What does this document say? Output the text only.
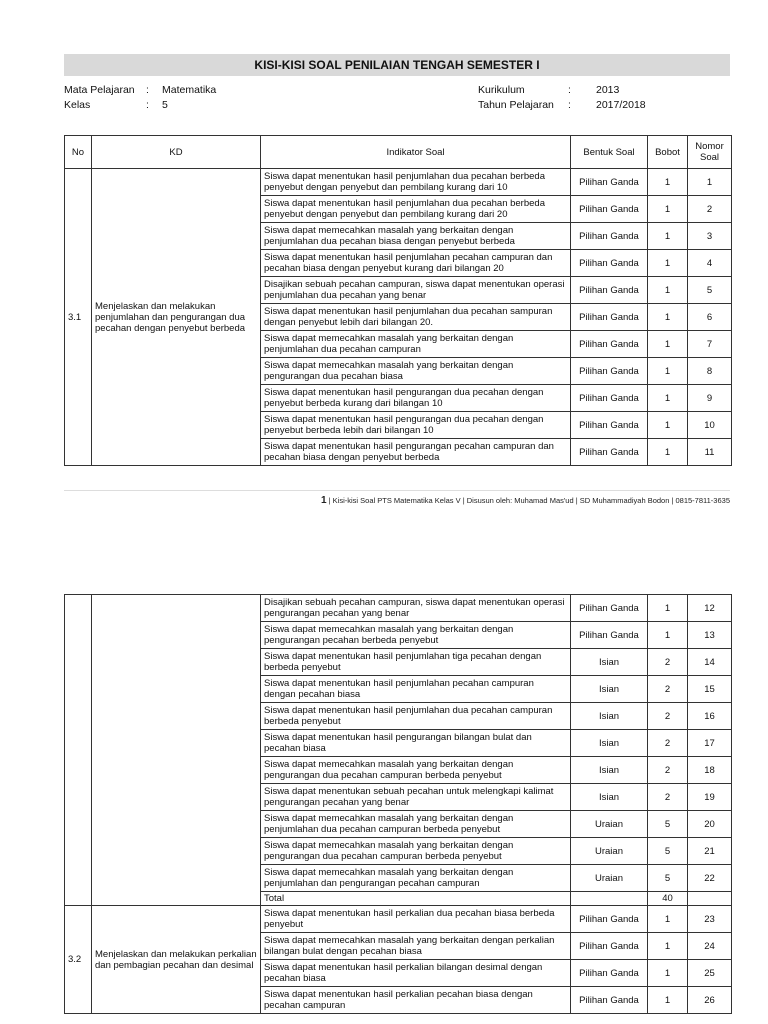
KISI-KISI SOAL PENILAIAN TENGAH SEMESTER I
Mata Pelajaran : Matematika
Kelas	: 5
Kurikulum	: 2013
Tahun Pelajaran : 2017/2018
No	KD	Indikator Soal	Bentuk Soal	Bobot	Nomor Soal
3.1	Menjelaskan dan melakukan penjumlahan dan pengurangan dua pecahan dengan penyebut berbeda	Siswa dapat menentukan hasil penjumlahan dua pecahan berbeda penyebut dengan penyebut dan pembilang kurang dari 10	Pilihan Ganda	1	1
		Siswa dapat menentukan hasil penjumlahan dua pecahan berbeda penyebut dengan penyebut dan pembilang kurang dari 20	Pilihan Ganda	1	2
		Siswa dapat memecahkan masalah yang berkaitan dengan penjumlahan dua pecahan biasa dengan penyebut berbeda	Pilihan Ganda	1	3
		Siswa dapat menentukan hasil penjumlahan pecahan campuran dan pecahan biasa dengan penyebut kurang dari bilangan 20	Pilihan Ganda	1	4
		Disajikan sebuah pecahan campuran, siswa dapat menentukan operasi penjumlahan dua pecahan yang benar	Pilihan Ganda	1	5
		Siswa dapat menentukan hasil penjumlahan dua pecahan sampuran dengan penyebut lebih dari bilangan 20.	Pilihan Ganda	1	6
		Siswa dapat memecahkan masalah yang berkaitan dengan penjumlahan dua pecahan campuran	Pilihan Ganda	1	7
		Siswa dapat memecahkan masalah yang berkaitan dengan pengurangan dua pecahan biasa	Pilihan Ganda	1	8
		Siswa dapat menentukan hasil pengurangan dua pecahan dengan penyebut berbeda kurang dari bilangan 10	Pilihan Ganda	1	9
		Siswa dapat menentukan hasil pengurangan dua pecahan dengan penyebut berbeda lebih dari bilangan 10	Pilihan Ganda	1	10
		Siswa dapat menentukan hasil pengurangan pecahan campuran dan pecahan biasa dengan penyebut berbeda	Pilihan Ganda	1	11
1 | Kisi-kisi Soal PTS Matematika Kelas V | Disusun oleh: Muhamad Mas'ud | SD Muhammadiyah Bodon | 0815-7811-3635
		Disajikan sebuah pecahan campuran, siswa dapat menentukan operasi pengurangan pecahan yang benar	Pilihan Ganda	1	12
		Siswa dapat memecahkan masalah yang berkaitan dengan pengurangan pecahan berbeda penyebut	Pilihan Ganda	1	13
		Siswa dapat menentukan hasil penjumlahan tiga pecahan dengan berbeda penyebut	Isian	2	14
		Siswa dapat menentukan hasil penjumlahan pecahan campuran dengan pecahan biasa	Isian	2	15
		Siswa dapat menentukan hasil penjumlahan dua pecahan campuran berbeda penyebut	Isian	2	16
		Siswa dapat menentukan hasil pengurangan bilangan bulat dan pecahan biasa	Isian	2	17
		Siswa dapat memecahkan masalah yang berkaitan dengan pengurangan dua pecahan campuran berbeda penyebut	Isian	2	18
		Siswa dapat menentukan sebuah pecahan untuk melengkapi kalimat pengurangan pecahan yang benar	Isian	2	19
		Siswa dapat memecahkan masalah yang berkaitan dengan penjumlahan dua pecahan campuran berbeda penyebut	Uraian	5	20
		Siswa dapat memecahkan masalah yang berkaitan dengan pengurangan dua pecahan campuran berbeda penyebut	Uraian	5	21
		Siswa dapat memecahkan masalah yang berkaitan dengan penjumlahan dan pengurangan pecahan campuran	Uraian	5	22
		Total		40	
3.2	Menjelaskan dan melakukan perkalian dan pembagian pecahan dan desimal	Siswa dapat menentukan hasil perkalian dua pecahan biasa berbeda penyebut	Pilihan Ganda	1	23
		Siswa dapat memecahkan masalah yang berkaitan dengan perkalian bilangan bulat dengan pecahan biasa	Pilihan Ganda	1	24
		Siswa dapat menentukan hasil perkalian bilangan desimal dengan pecahan biasa	Pilihan Ganda	1	25
		Siswa dapat menentukan hasil perkalian pecahan biasa dengan pecahan campuran	Pilihan Ganda	1	26
